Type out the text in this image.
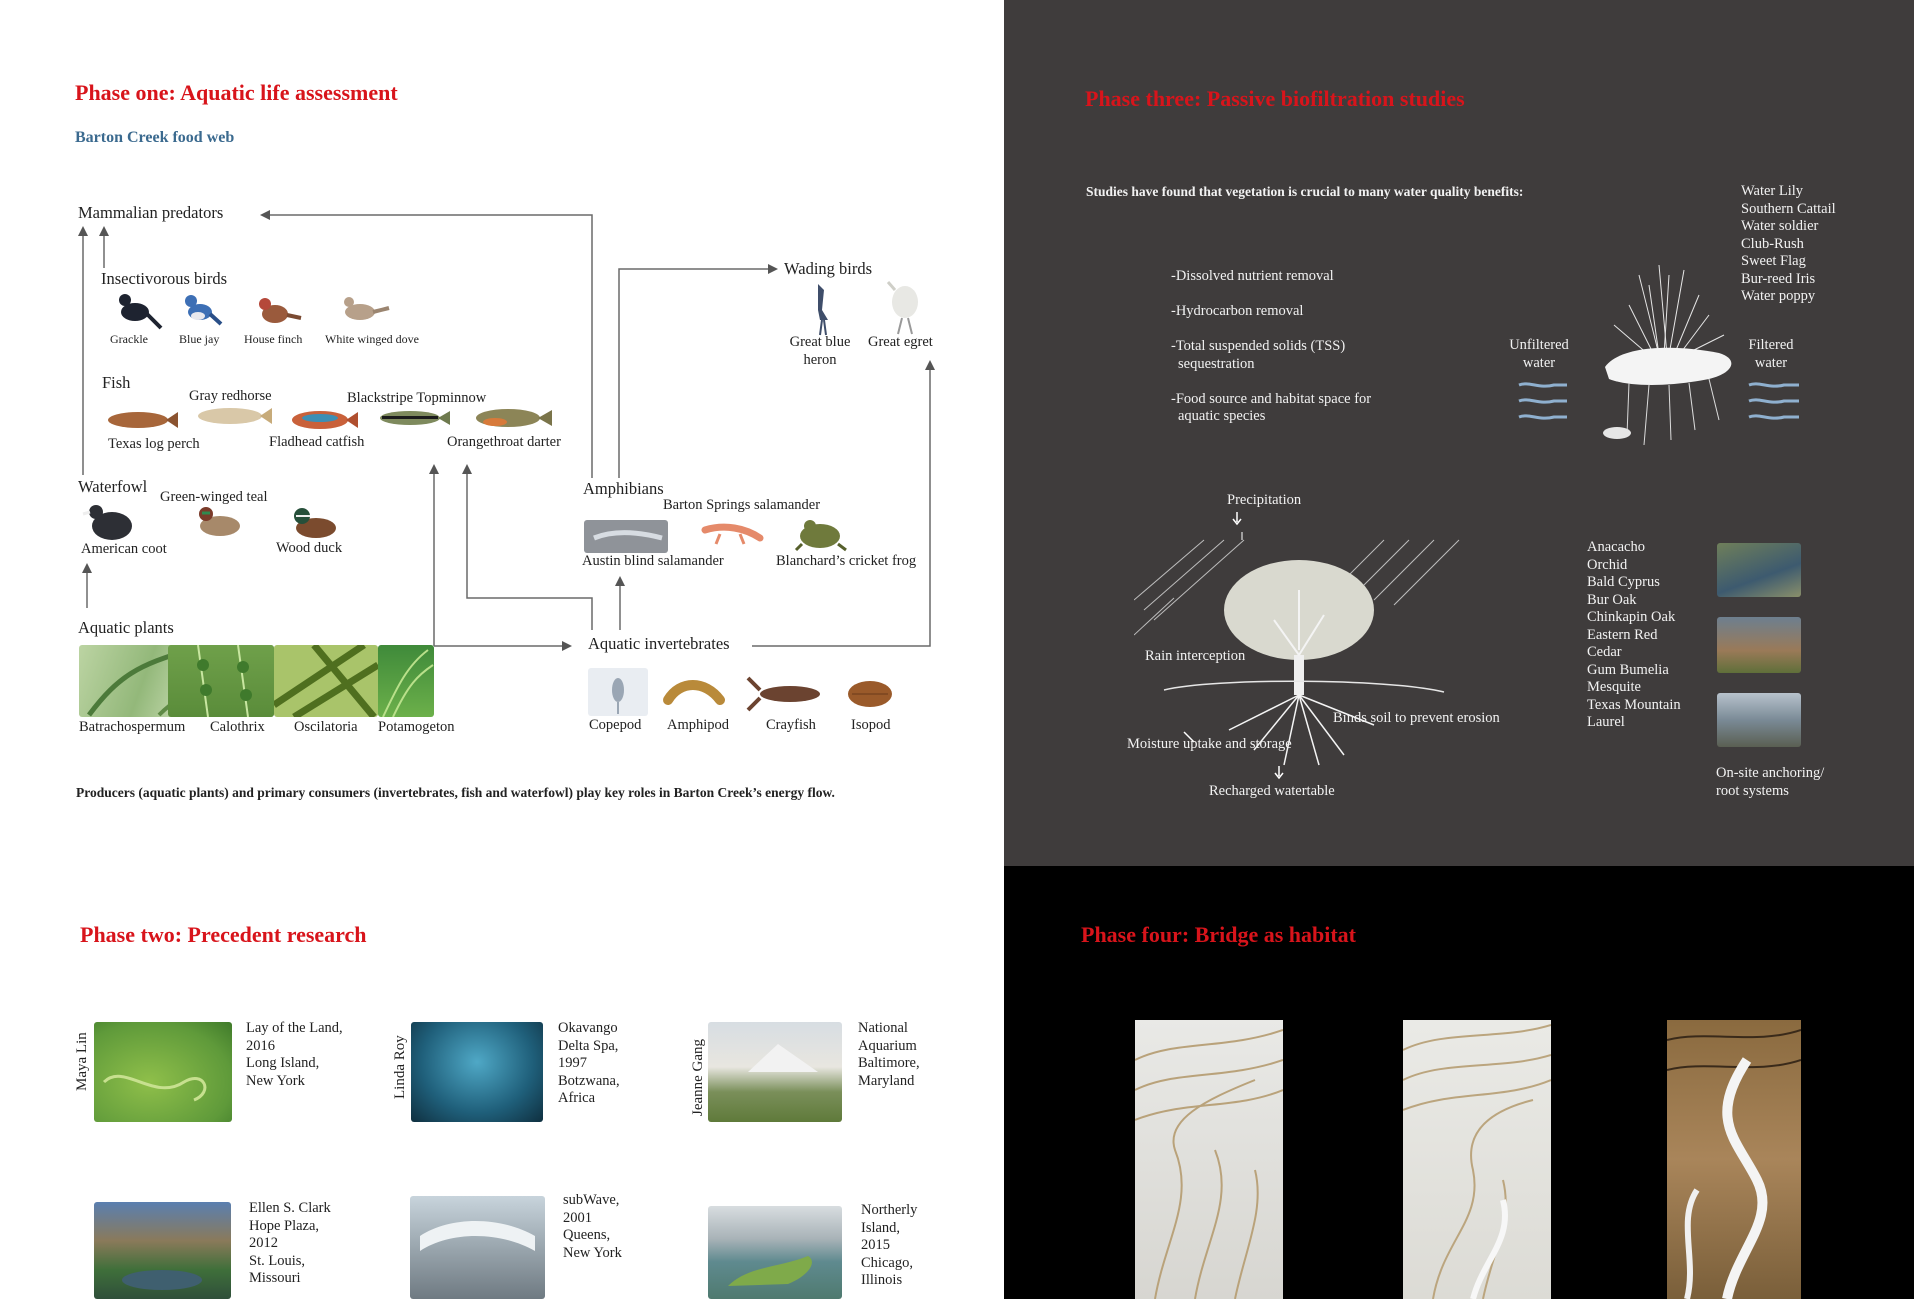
Phase one: Aquatic life assessment
Barton Creek food web
Mammalian predators
Insectivorous birds
Fish
Waterfowl
Aquatic plants
Wading birds
Amphibians
Aquatic invertebrates
Grackle	Blue jay House finch White winged dove
Gray redhorse	Blackstripe Topminnow
Texas log perch	Fladhead catfish	Orangethroat darter
Green-winged teal
American coot	Wood duck
Batrachospermum Calothrix Oscilatoria Potamogeton
Great blue
heron
Great egret
Barton Springs salamander
Austin blind salamander	Blanchard’s cricket frog
Copepod Amphipod	Crayfish Isopod
Producers (aquatic plants) and primary consumers (invertebrates, fish and waterfowl) play key roles in Barton Creek’s energy flow.
Phase three: Passive biofiltration studies
Studies have found that vegetation is crucial to many water quality benefits:
-Dissolved nutrient removal
-Hydrocarbon removal
-Total suspended solids (TSS)
sequestration
-Food source and habitat space for
aquatic species
Water Lily
Southern Cattail
Water soldier
Club-Rush
Sweet Flag
Bur-reed Iris
Water poppy
Unfiltered
water
Filtered
water
Precipitation
Rain interception
Binds soil to prevent erosion
Moisture uptake and storage
Recharged watertable
Anacacho
Orchid
Bald Cyprus
Bur Oak
Chinkapin Oak
Eastern Red
Cedar
Gum Bumelia
Mesquite
Texas Mountain
Laurel
On-site anchoring/
root systems
Phase two: Precedent research
Maya Lin
Lay of the Land,
2016
Long Island,
New York	Linda Roy
Okavango
Delta Spa,
1997
Botzwana,
Africa	Jeanne Gang
National
Aquarium
Baltimore,
Maryland
Ellen S. Clark
Hope Plaza,
2012
St. Louis,
Missouri
subWave,
2001
Queens,
New York
Northerly
Island,
2015
Chicago,
Illinois
Phase four: Bridge as habitat
